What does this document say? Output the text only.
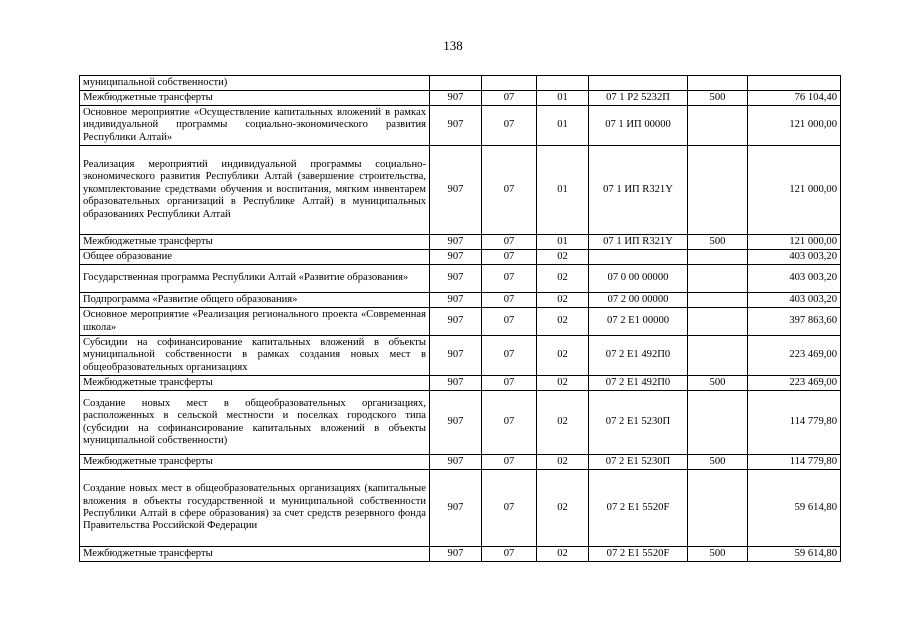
138
муниципальной собственности)						
Межбюджетные трансферты	907	07	01	07 1 Р2 5232П	500	76 104,40
Основное мероприятие «Осуществление капитальных вложений в рамках индивидуальной программы социально-экономического развития Республики Алтай»	907	07	01	07 1 ИП 00000		121 000,00
Реализация мероприятий индивидуальной программы социально-экономического развития Республики Алтай (завершение строительства, укомплектование средствами обучения и воспитания, мягким инвентарем образовательных организаций в Республике Алтай) в муниципальных образованиях Республики Алтай	907	07	01	07 1 ИП R321Y		121 000,00
Межбюджетные трансферты	907	07	01	07 1 ИП R321Y	500	121 000,00
Общее образование	907	07	02			403 003,20
Государственная программа Республики Алтай «Развитие образования»	907	07	02	07 0 00 00000		403 003,20
Подпрограмма «Развитие общего образования»	907	07	02	07 2 00 00000		403 003,20
Основное мероприятие «Реализация регионального проекта «Современная школа»	907	07	02	07 2 Е1 00000		397 863,60
Субсидии на софинансирование капитальных вложений в объекты муниципальной собственности в рамках создания новых мест в общеобразовательных организациях	907	07	02	07 2 Е1 492П0		223 469,00
Межбюджетные трансферты	907	07	02	07 2 Е1 492П0	500	223 469,00
Создание новых мест в общеобразовательных организациях, расположенных в сельской местности и поселках городского типа (субсидии на софинансирование капитальных вложений в объекты муниципальной собственности)	907	07	02	07 2 Е1 5230П		114 779,80
Межбюджетные трансферты	907	07	02	07 2 Е1 5230П	500	114 779,80
Создание новых мест в общеобразовательных организациях (капитальные вложения в объекты государственной и муниципальной собственности Республики Алтай в сфере образования) за счет средств резервного фонда Правительства Российской Федерации	907	07	02	07 2 Е1 5520F		59 614,80
Межбюджетные трансферты	907	07	02	07 2 Е1 5520F	500	59 614,80
